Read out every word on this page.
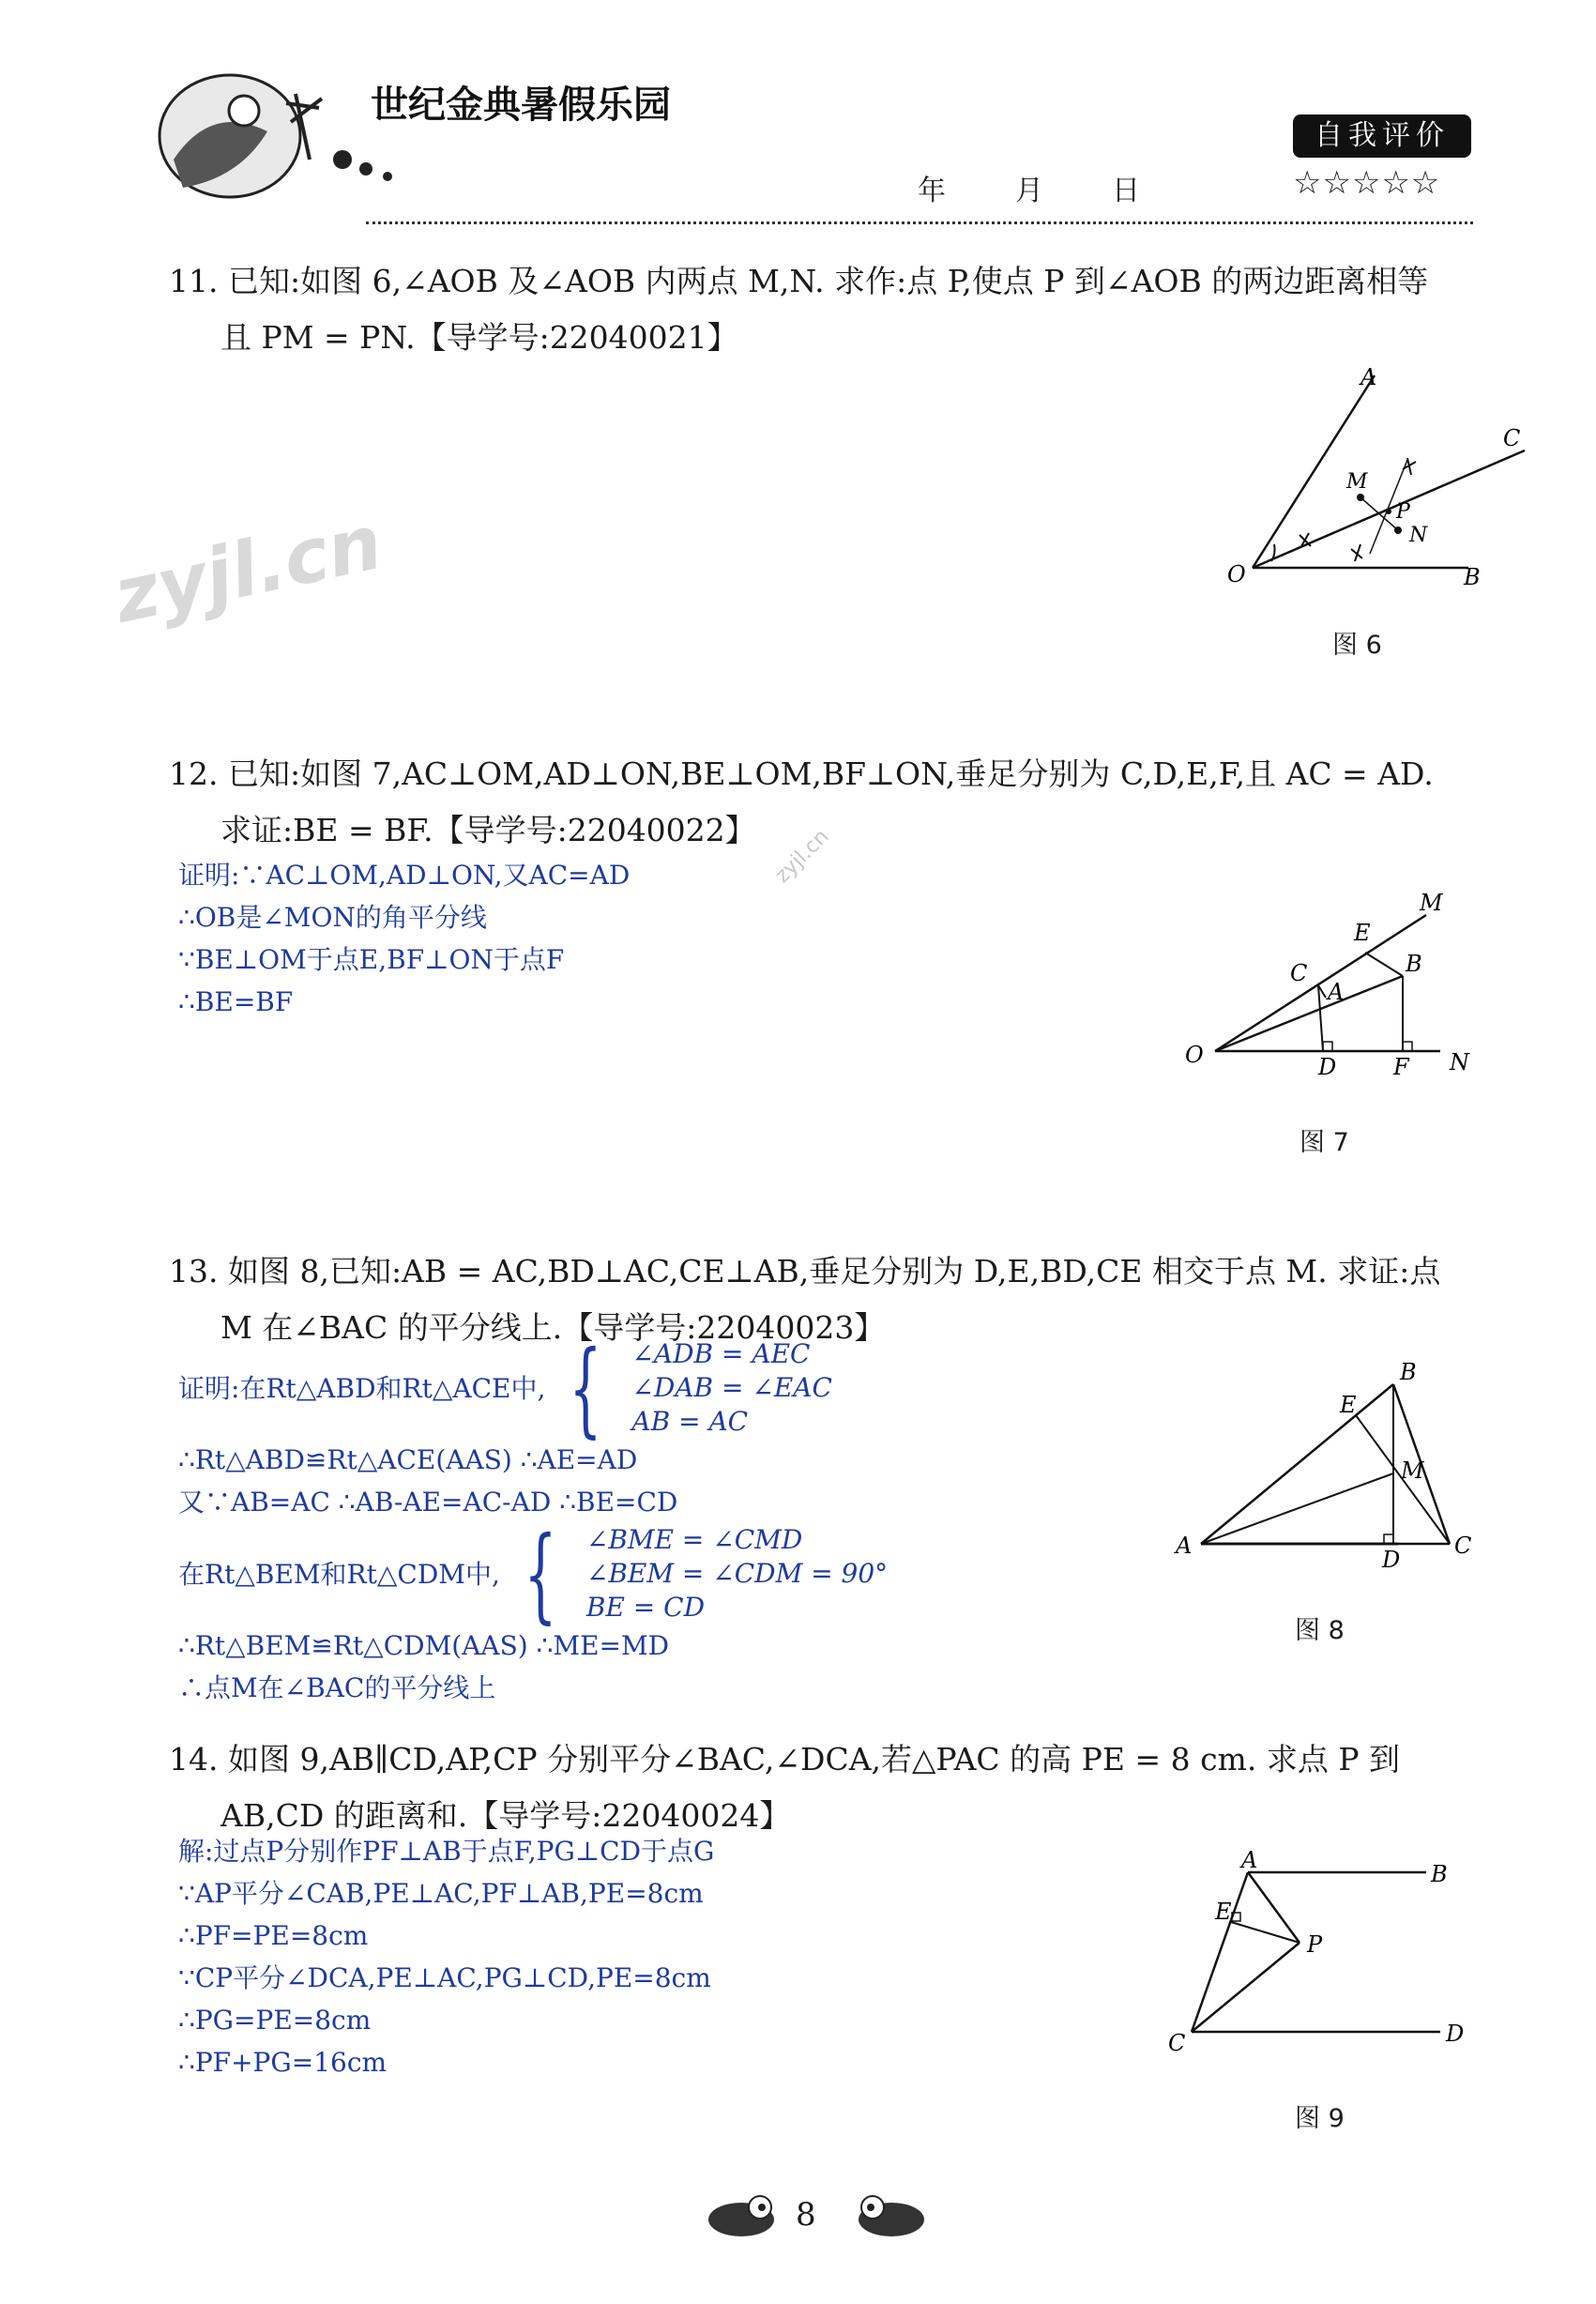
世纪金典暑假乐园
年 月 日
自我评价
☆☆☆☆☆
zyjl.cn
zyjl.cn
11. 已知:如图 6,∠AOB 及∠AOB 内两点 M,N. 求作:点 P,使点 P 到∠AOB 的两边距离相等
且 PM = PN.【导学号:22040021】
A
C
M
P
N
O	B
图 6
12. 已知:如图 7,AC⊥OM,AD⊥ON,BE⊥OM,BF⊥ON,垂足分别为 C,D,E,F,且 AC = AD.
求证:BE = BF.【导学号:22040022】
证明:∵AC⊥OM,AD⊥ON,又AC=AD
∴OB是∠MON的角平分线
∵BE⊥OM于点E,BF⊥ON于点F
∴BE=BF
M
E
C	B
A
O	D	F N
图 7
13. 如图 8,已知:AB = AC,BD⊥AC,CE⊥AB,垂足分别为 D,E,BD,CE 相交于点 M. 求证:点
M 在∠BAC 的平分线上.【导学号:22040023】
证明:在Rt△ABD和Rt△ACE中, { ∠ADB = AEC
∠DAB = ∠EAC
AB = AC
∴Rt△ABD≌Rt△ACE(AAS) ∴AE=AD
又∵AB=AC ∴AB-AE=AC-AD ∴BE=CD
在Rt△BEM和Rt△CDM中, { ∠BME = ∠CMD
∠BEM = ∠CDM = 90°
BE = CD
∴Rt△BEM≌Rt△CDM(AAS) ∴ME=MD
∴点M在∠BAC的平分线上
B
E
M
A
D
C
图 8
14. 如图 9,AB∥CD,AP,CP 分别平分∠BAC,∠DCA,若△PAC 的高 PE = 8 cm. 求点 P 到
AB,CD 的距离和.【导学号:22040024】
解:过点P分别作PF⊥AB于点F,PG⊥CD于点G
∵AP平分∠CAB,PE⊥AC,PF⊥AB,PE=8cm
∴PF=PE=8cm
∵CP平分∠DCA,PE⊥AC,PG⊥CD,PE=8cm
∴PG=PE=8cm
∴PF+PG=16cm
A
B
E
P
C	D
图 9
8
